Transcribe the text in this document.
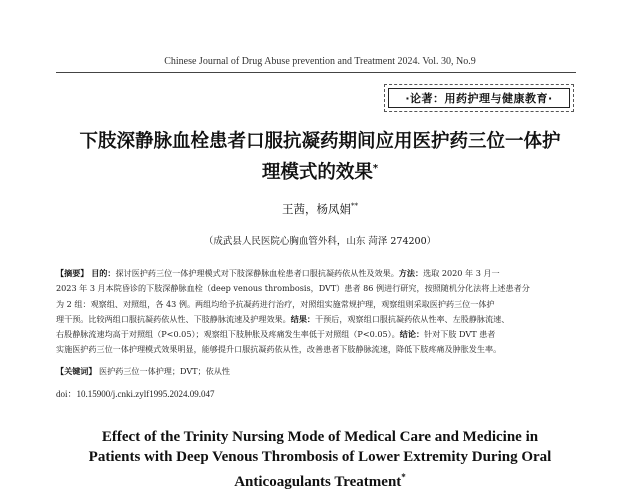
Chinese Journal of Drug Abuse prevention and Treatment 2024. Vol. 30, No.9
·论著：用药护理与健康教育·
下肢深静脉血栓患者口服抗凝药期间应用医护药三位一体护
理模式的效果*
王茜，杨凤娟**
（成武县人民医院心胸血管外科，山东 菏泽 274200）
【摘要】 目的：探讨医护药三位一体护理模式对下肢深静脉血栓患者口服抗凝药依从性及效果。方法：选取 2020 年 3 月一
2023 年 3 月本院昏诊的下肢深静脉血栓（deep venous thrombosis，DVT）患者 86 例进行研究，按照随机分化法将上述患者分
为 2 组：观察组、对照组，各 43 例。两组均给予抗凝药进行治疗，对照组实施常规护理，观察组则采取医护药三位一体护
理干预。比较两组口服抗凝药依从性、下肢静脉流速及护理效果。结果：干预后，观察组口服抗凝药依从性率、左股静脉流速、
右股静脉流速均高于对照组（P<0.05）；观察组下肢肿胀及疼痛发生率低于对照组（P<0.05）。结论：针对下肢 DVT 患者
实施医护药三位一体护理模式效果明显，能够提升口服抗凝药依从性，改善患者下肢静脉流速，降低下肢疼痛及肿胀发生率。
【关键词】 医护药三位一体护理；DVT；依从性
doi：10.15900/j.cnki.zylf1995.2024.09.047
Effect of the Trinity Nursing Mode of Medical Care and Medicine in
Patients with Deep Venous Thrombosis of Lower Extremity During Oral
Anticoagulants Treatment*
